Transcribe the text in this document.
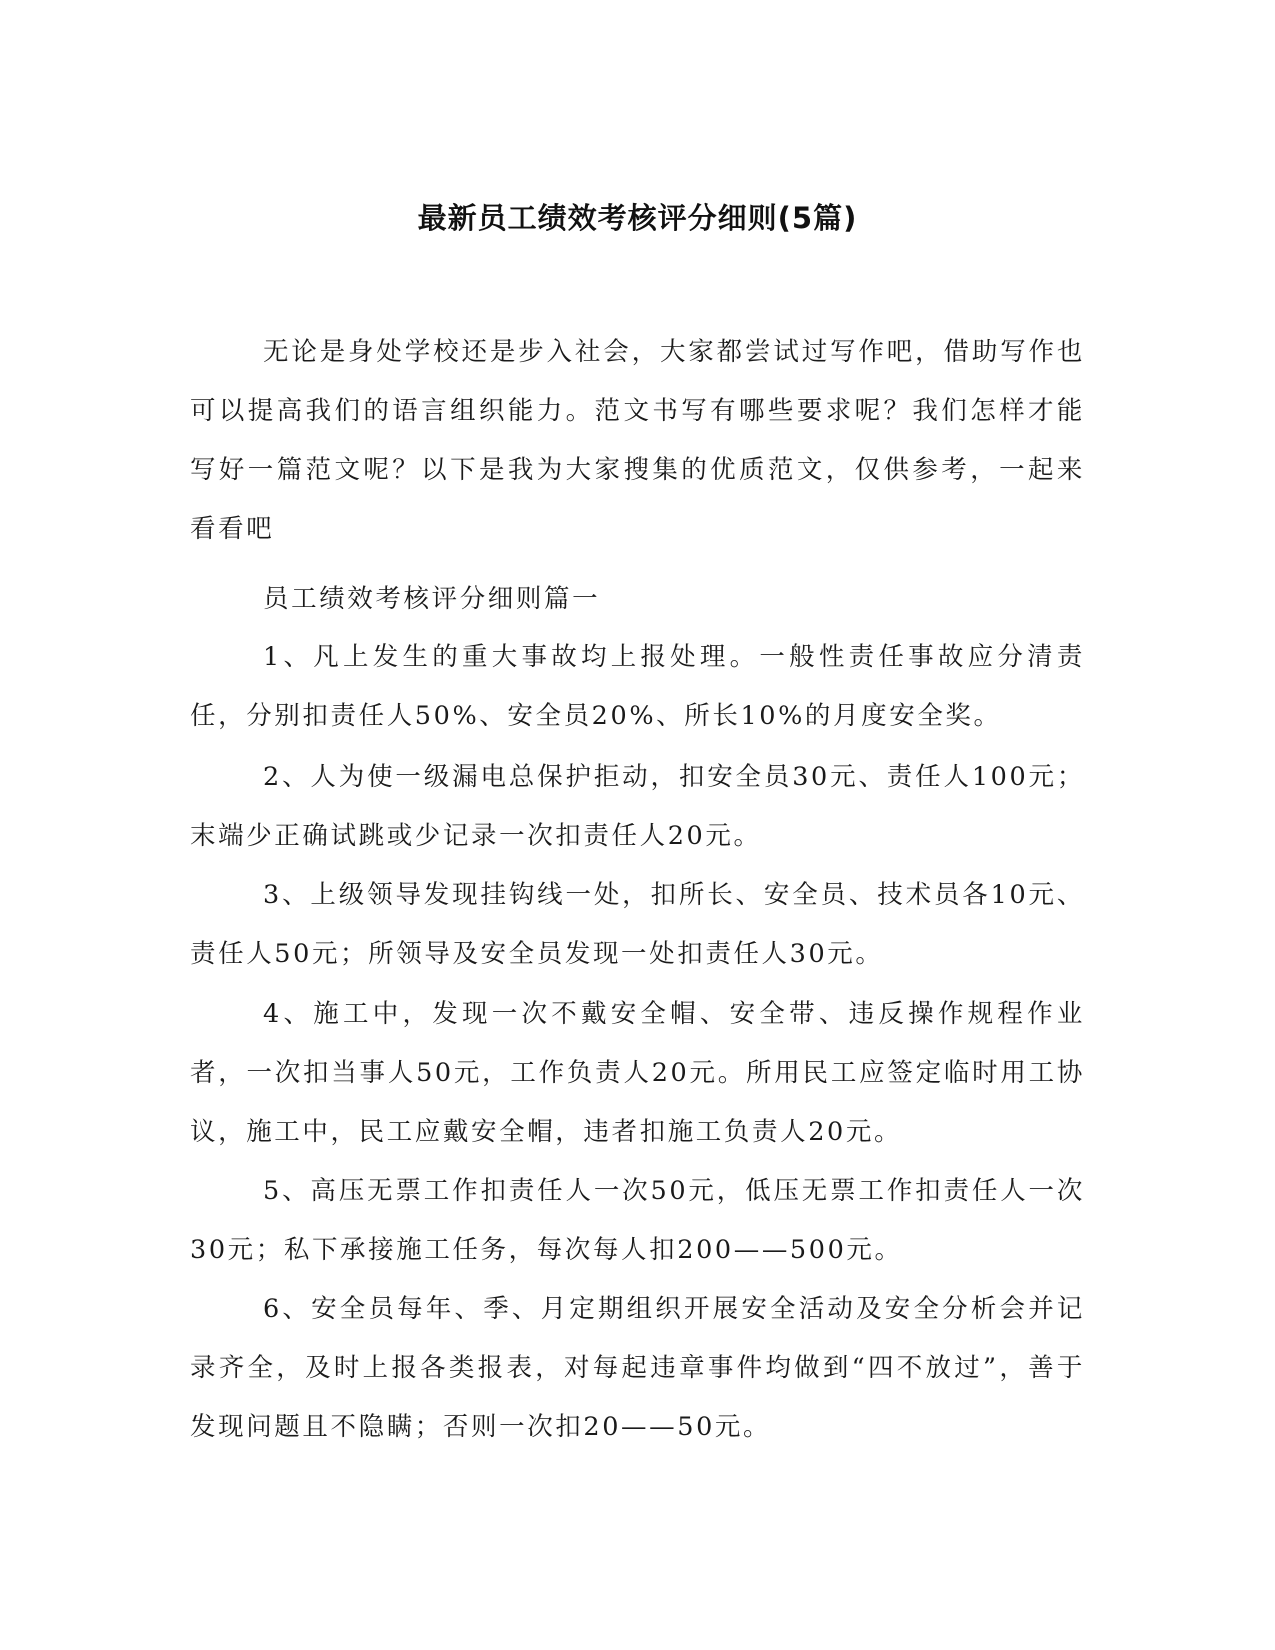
最新员工绩效考核评分细则(5篇)

无论是身处学校还是步入社会，大家都尝试过写作吧，借助写作也可以提高我们的语言组织能力。范文书写有哪些要求呢？我们怎样才能写好一篇范文呢？以下是我为大家搜集的优质范文，仅供参考，一起来看看吧

员工绩效考核评分细则篇一

1、凡上发生的重大事故均上报处理。一般性责任事故应分清责任，分别扣责任人50%、安全员20%、所长10%的月度安全奖。

2、人为使一级漏电总保护拒动，扣安全员30元、责任人100元；末端少正确试跳或少记录一次扣责任人20元。

3、上级领导发现挂钩线一处，扣所长、安全员、技术员各10元、责任人50元；所领导及安全员发现一处扣责任人30元。

4、施工中，发现一次不戴安全帽、安全带、违反操作规程作业者，一次扣当事人50元，工作负责人20元。所用民工应签定临时用工协议，施工中，民工应戴安全帽，违者扣施工负责人20元。

5、高压无票工作扣责任人一次50元，低压无票工作扣责任人一次30元；私下承接施工任务，每次每人扣200——500元。

6、安全员每年、季、月定期组织开展安全活动及安全分析会并记录齐全，及时上报各类报表，对每起违章事件均做到“四不放过”，善于发现问题且不隐瞒；否则一次扣20——50元。
